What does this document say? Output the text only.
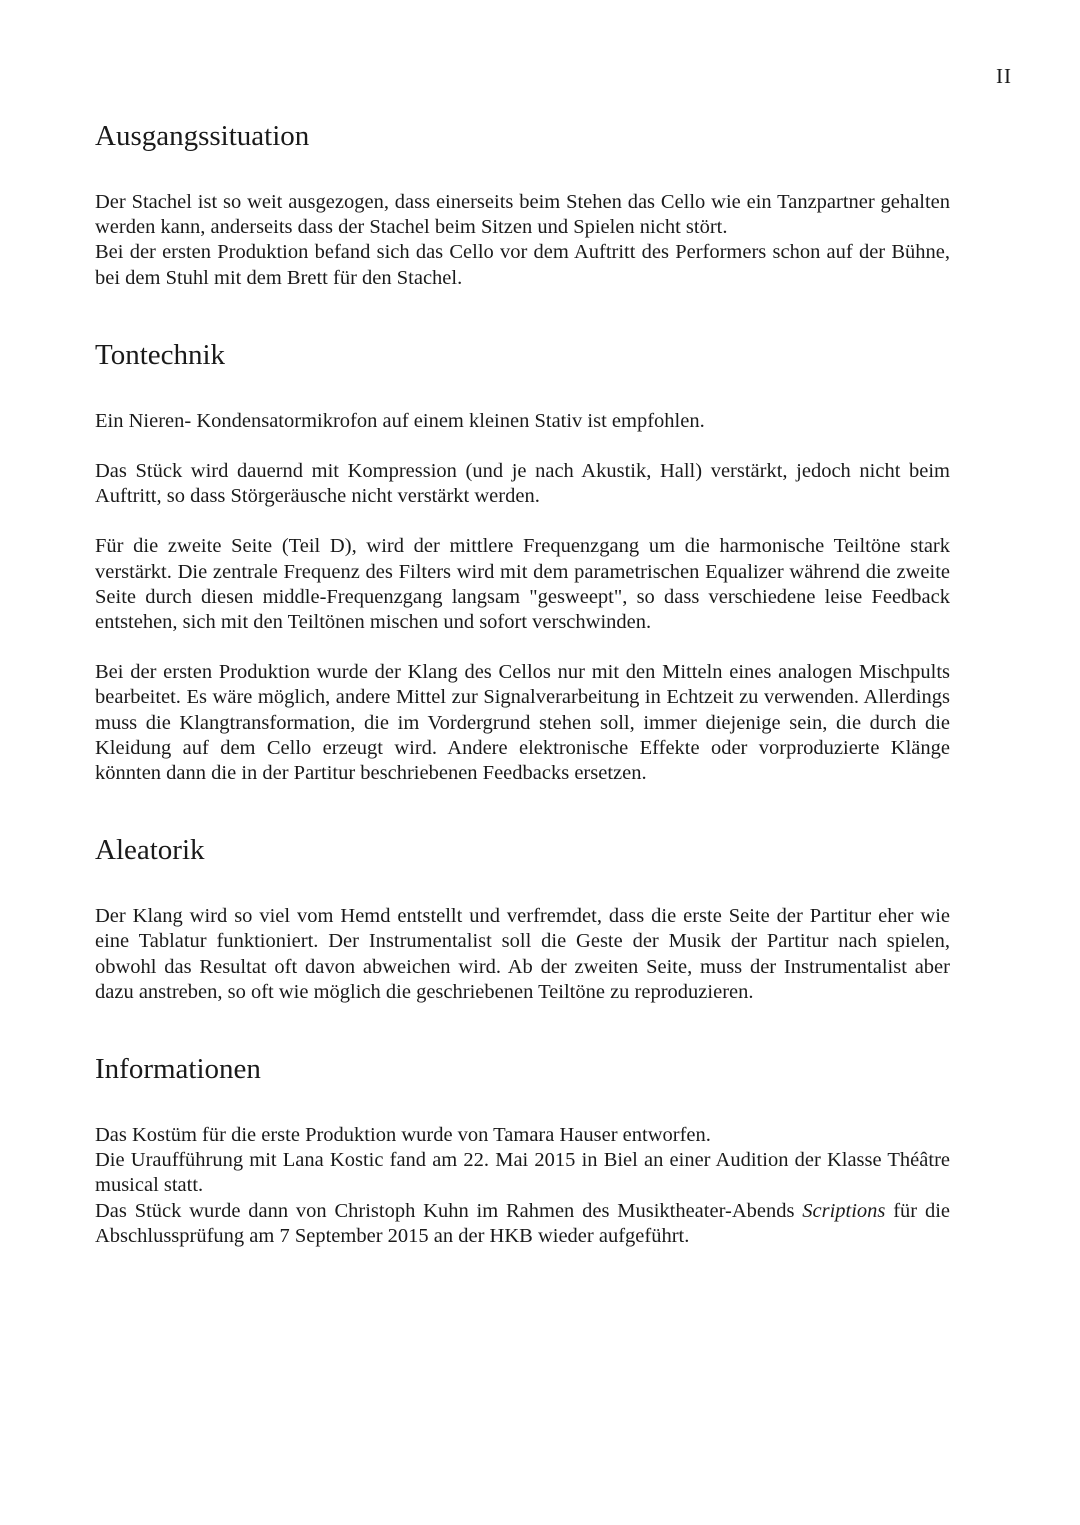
II
Ausgangssituation

Der Stachel ist so weit ausgezogen, dass einerseits beim Stehen das Cello wie ein Tanzpartner gehalten werden kann, anderseits dass der Stachel beim Sitzen und Spielen nicht stört.

Bei der ersten Produktion befand sich das Cello vor dem Auftritt des Performers schon auf der Bühne, bei dem Stuhl mit dem Brett für den Stachel.

Tontechnik

Ein Nieren- Kondensatormikrofon auf einem kleinen Stativ ist empfohlen.

Das Stück wird dauernd mit Kompression (und je nach Akustik, Hall) verstärkt, jedoch nicht beim Auftritt, so dass Störgeräusche nicht verstärkt werden.

Für die zweite Seite (Teil D), wird der mittlere Frequenzgang um die harmonische Teiltöne stark verstärkt. Die zentrale Frequenz des Filters wird mit dem parametrischen Equalizer während die zweite Seite durch diesen middle-Frequenzgang langsam "gesweept", so dass verschiedene leise Feedback entstehen, sich mit den Teiltönen mischen und sofort verschwinden.

Bei der ersten Produktion wurde der Klang des Cellos nur mit den Mitteln eines analogen Mischpults bearbeitet. Es wäre möglich, andere Mittel zur Signalverarbeitung in Echtzeit zu verwenden. Allerdings muss die Klangtransformation, die im Vordergrund stehen soll, immer diejenige sein, die durch die Kleidung auf dem Cello erzeugt wird. Andere elektronische Effekte oder vorproduzierte Klänge könnten dann die in der Partitur beschriebenen Feedbacks ersetzen.

Aleatorik

Der Klang wird so viel vom Hemd entstellt und verfremdet, dass die erste Seite der Partitur eher wie eine Tablatur funktioniert. Der Instrumentalist soll die Geste der Musik der Partitur nach spielen, obwohl das Resultat oft davon abweichen wird. Ab der zweiten Seite, muss der Instrumentalist aber dazu anstreben, so oft wie möglich die geschriebenen Teiltöne zu reproduzieren.

Informationen

Das Kostüm für die erste Produktion wurde von Tamara Hauser entworfen.

Die Uraufführung mit Lana Kostic fand am 22. Mai 2015 in Biel an einer Audition der Klasse Théâtre musical statt.

Das Stück wurde dann von Christoph Kuhn im Rahmen des Musiktheater-Abends Scriptions für die Abschlussprüfung am 7 September 2015 an der HKB wieder aufgeführt.
